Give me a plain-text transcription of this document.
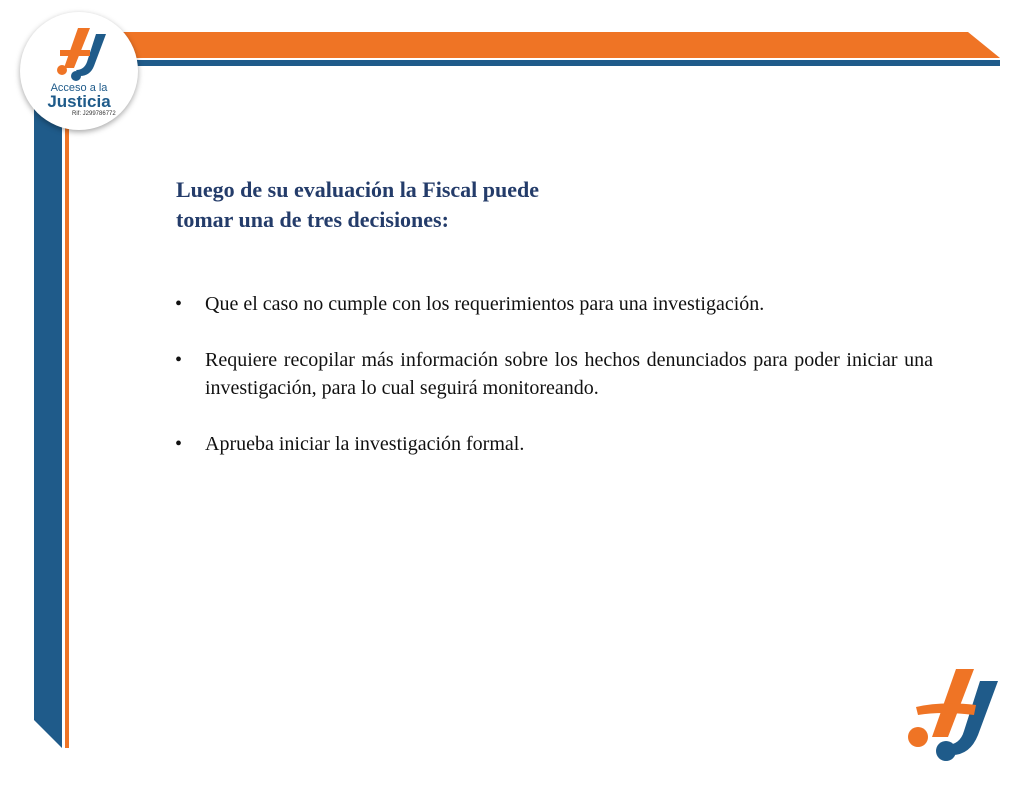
Acceso a la
Justicia
Rif: J299786772
Luego de su evaluación la Fiscal puede
tomar una de tres decisiones:
• Que el caso no cumple con los requerimientos para una investigación.
• Requiere recopilar más información sobre los hechos denunciados para poder iniciar una investigación, para lo cual seguirá monitoreando.
• Aprueba iniciar la investigación formal.
